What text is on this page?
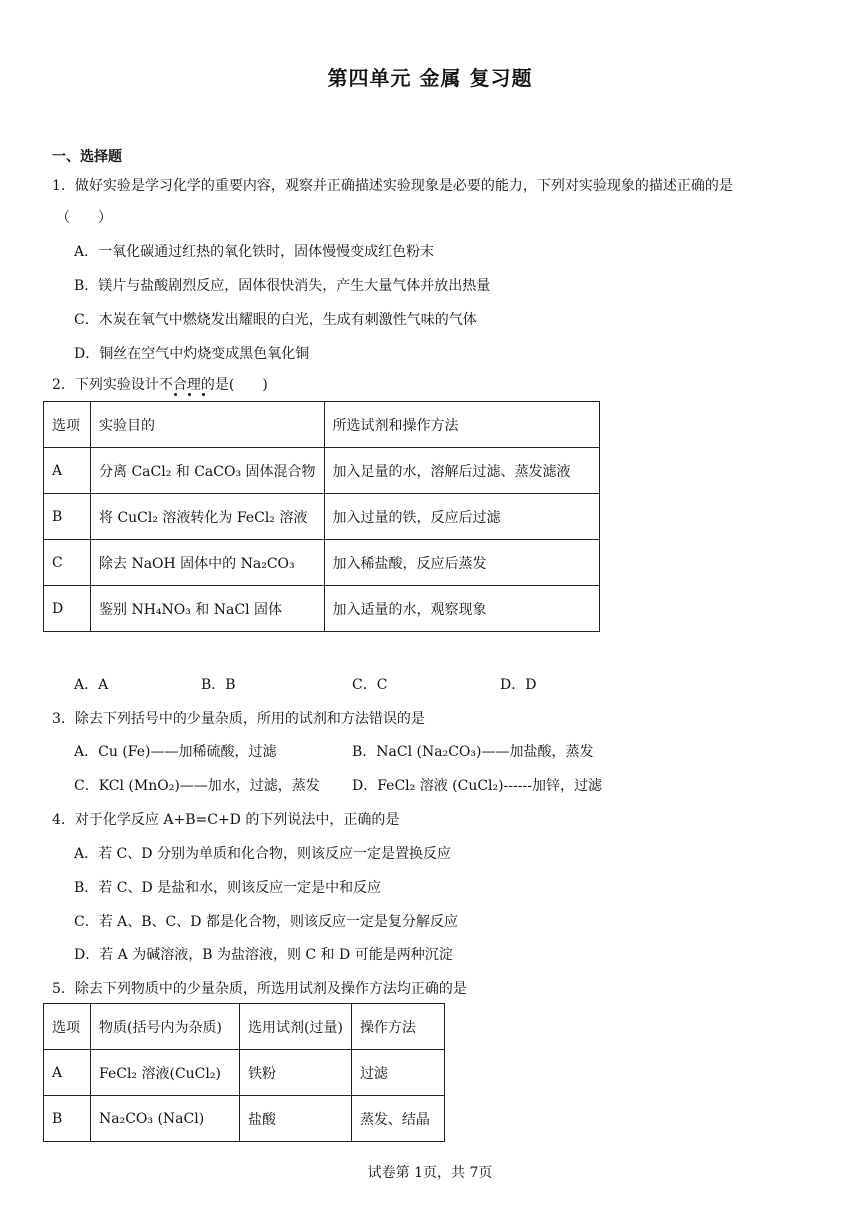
第四单元 金属 复习题
一、选择题
1．做好实验是学习化学的重要内容，观察并正确描述实验现象是必要的能力，下列对实验现象的描述正确的是
（　　）
A．一氧化碳通过红热的氧化铁时，固体慢慢变成红色粉末
B．镁片与盐酸剧烈反应，固体很快消失，产生大量气体并放出热量
C．木炭在氧气中燃烧发出耀眼的白光，生成有刺激性气味的气体
D．铜丝在空气中灼烧变成黑色氧化铜
2．下列实验设计不合理的是(　　)
选项	实验目的	所选试剂和操作方法
A	分离 CaCl₂ 和 CaCO₃ 固体混合物	加入足量的水，溶解后过滤、蒸发滤液
B	将 CuCl₂ 溶液转化为 FeCl₂ 溶液	加入过量的铁，反应后过滤
C	除去 NaOH 固体中的 Na₂CO₃	加入稀盐酸，反应后蒸发
D	鉴别 NH₄NO₃ 和 NaCl 固体	加入适量的水，观察现象
A．A	B．B	C．C	D．D
3．除去下列括号中的少量杂质，所用的试剂和方法错误的是
A．Cu (Fe)——加稀硫酸，过滤	B．NaCl (Na₂CO₃)——加盐酸，蒸发
C．KCl (MnO₂)——加水，过滤，蒸发 D．FeCl₂ 溶液 (CuCl₂)------加锌，过滤
4．对于化学反应 A+B=C+D 的下列说法中，正确的是
A．若 C、D 分别为单质和化合物，则该反应一定是置换反应
B．若 C、D 是盐和水，则该反应一定是中和反应
C．若 A、B、C、D 都是化合物，则该反应一定是复分解反应
D．若 A 为碱溶液，B 为盐溶液，则 C 和 D 可能是两种沉淀
5．除去下列物质中的少量杂质，所选用试剂及操作方法均正确的是
选项	物质(括号内为杂质)	选用试剂(过量)	操作方法
A	FeCl₂ 溶液(CuCl₂)	铁粉	过滤
B	Na₂CO₃ (NaCl)	盐酸	蒸发、结晶
试卷第 1页，共 7页
